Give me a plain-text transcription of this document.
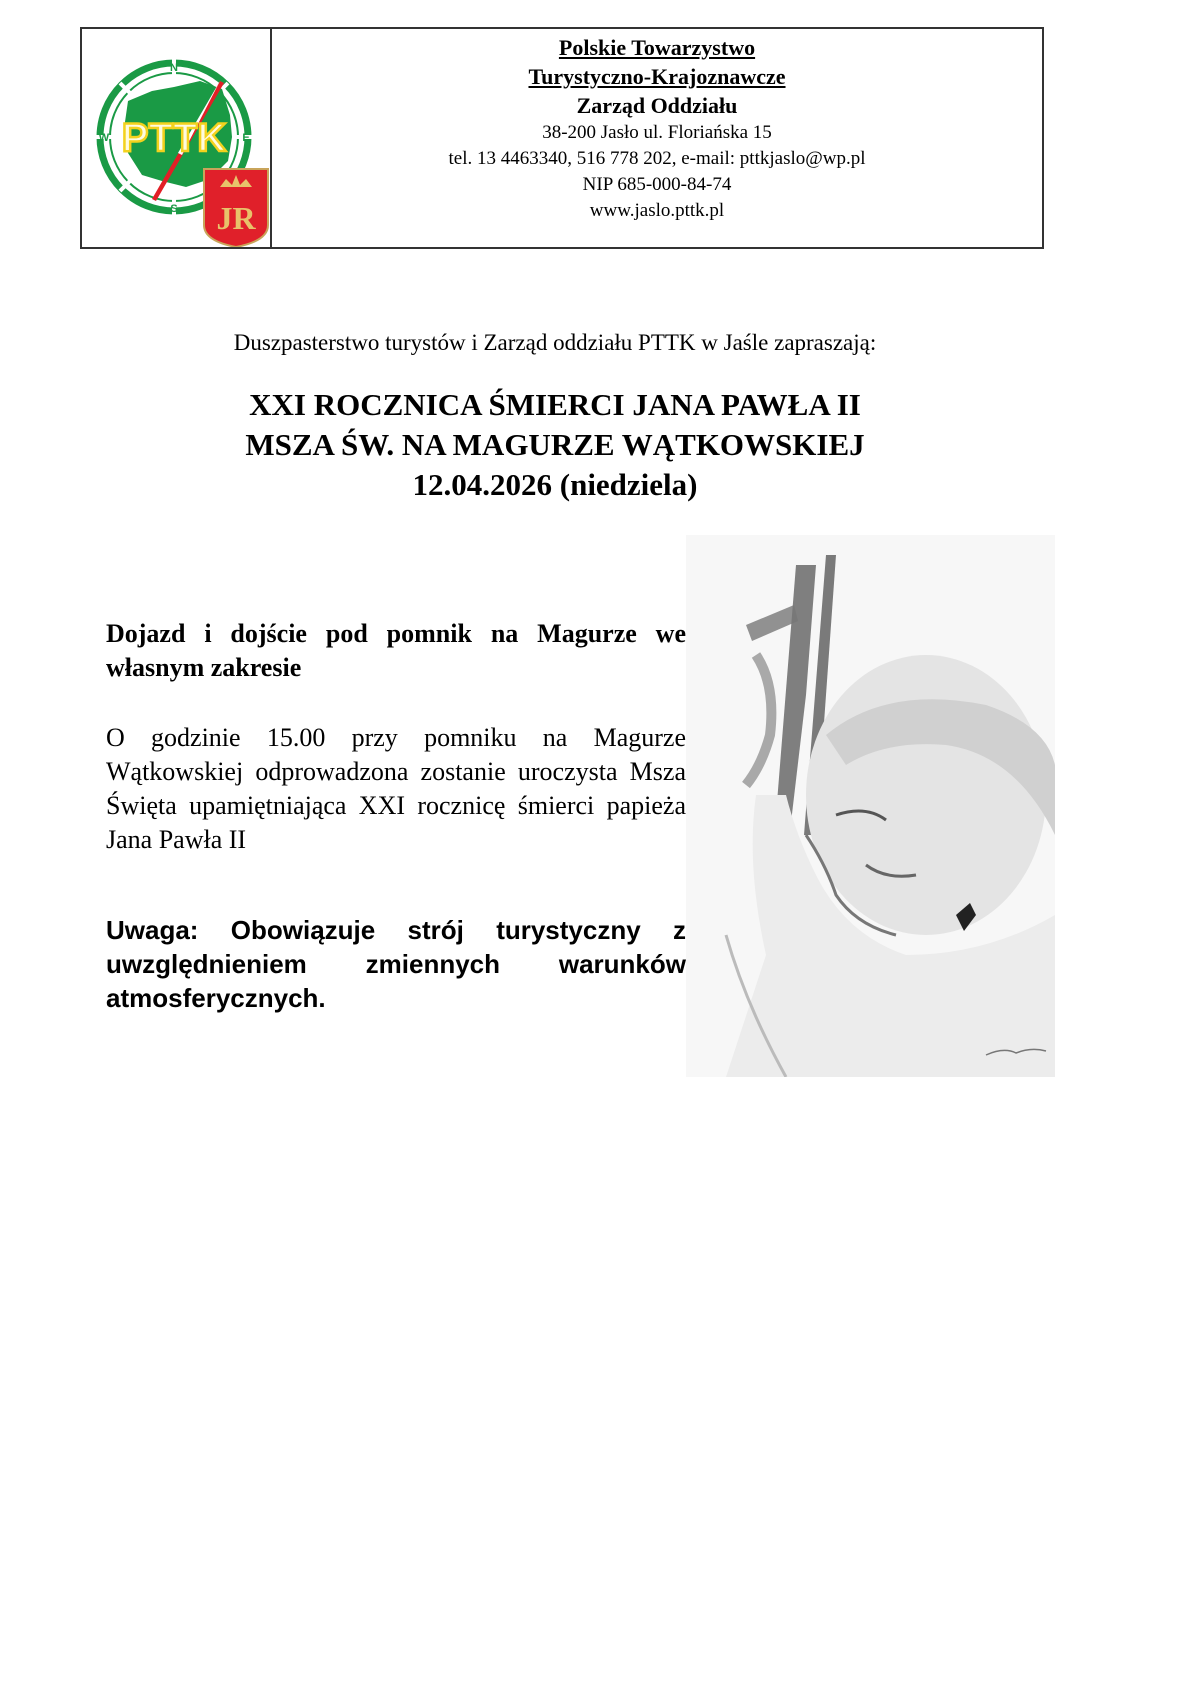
N
S
W	E
PTTK
JR
Polskie Towarzystwo
Turystyczno-Krajoznawcze
Zarząd Oddziału
38-200 Jasło ul. Floriańska 15
tel. 13 4463340, 516 778 202, e-mail: pttkjaslo@wp.pl
NIP 685-000-84-74
www.jaslo.pttk.pl
Duszpasterstwo turystów i Zarząd oddziału PTTK w Jaśle zapraszają:
XXI ROCZNICA ŚMIERCI JANA PAWŁA II
MSZA ŚW. NA MAGURZE WĄTKOWSKIEJ
12.04.2026 (niedziela)

Dojazd i dojście pod pomnik na Magurze we własnym zakresie

O godzinie 15.00 przy pomniku na Magurze Wątkowskiej odprowadzona zostanie uroczysta Msza Święta upamiętniająca XXI rocznicę śmierci papieża Jana Pawła II

Uwaga: Obowiązuje strój turystyczny z uwzględnieniem zmiennych warunków atmosferycznych.
